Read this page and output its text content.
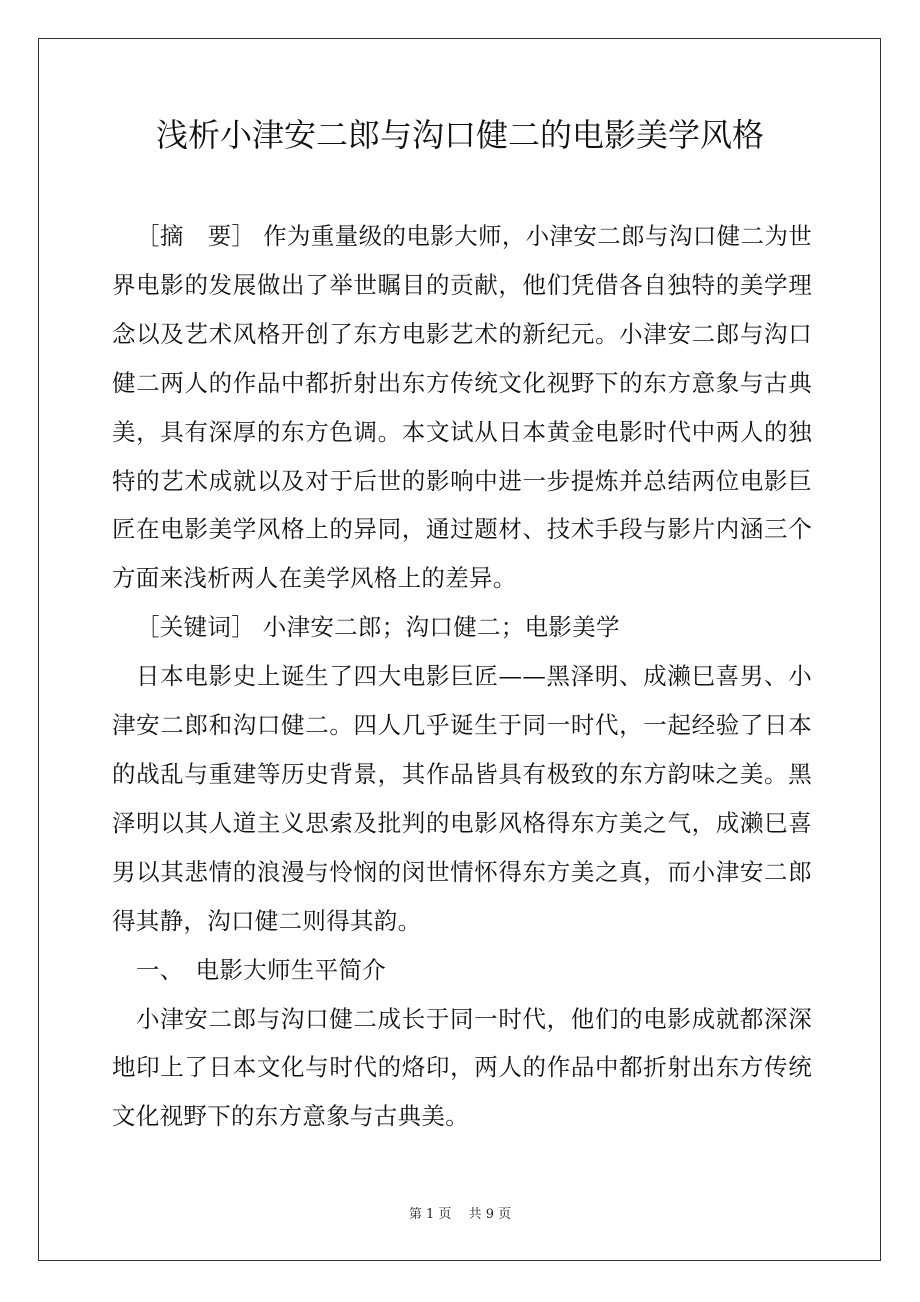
浅析小津安二郎与沟口健二的电影美学风格

［摘　要］ 作为重量级的电影大师，小津安二郎与沟口健二为世界电影的发展做出了举世瞩目的贡献，他们凭借各自独特的美学理念以及艺术风格开创了东方电影艺术的新纪元。小津安二郎与沟口健二两人的作品中都折射出东方传统文化视野下的东方意象与古典美，具有深厚的东方色调。本文试从日本黄金电影时代中两人的独特的艺术成就以及对于后世的影响中进一步提炼并总结两位电影巨匠在电影美学风格上的异同，通过题材、技术手段与影片内涵三个方面来浅析两人在美学风格上的差异。

［关键词］ 小津安二郎；沟口健二；电影美学

日本电影史上诞生了四大电影巨匠——黑泽明、成濑巳喜男、小津安二郎和沟口健二。四人几乎诞生于同一时代，一起经验了日本的战乱与重建等历史背景，其作品皆具有极致的东方韵味之美。黑泽明以其人道主义思索及批判的电影风格得东方美之气，成濑巳喜男以其悲情的浪漫与怜悯的闵世情怀得东方美之真，而小津安二郎得其静，沟口健二则得其韵。

一、　电影大师生平简介

小津安二郎与沟口健二成长于同一时代，他们的电影成就都深深地印上了日本文化与时代的烙印，两人的作品中都折射出东方传统文化视野下的东方意象与古典美。

第 1 页　 共 9 页
